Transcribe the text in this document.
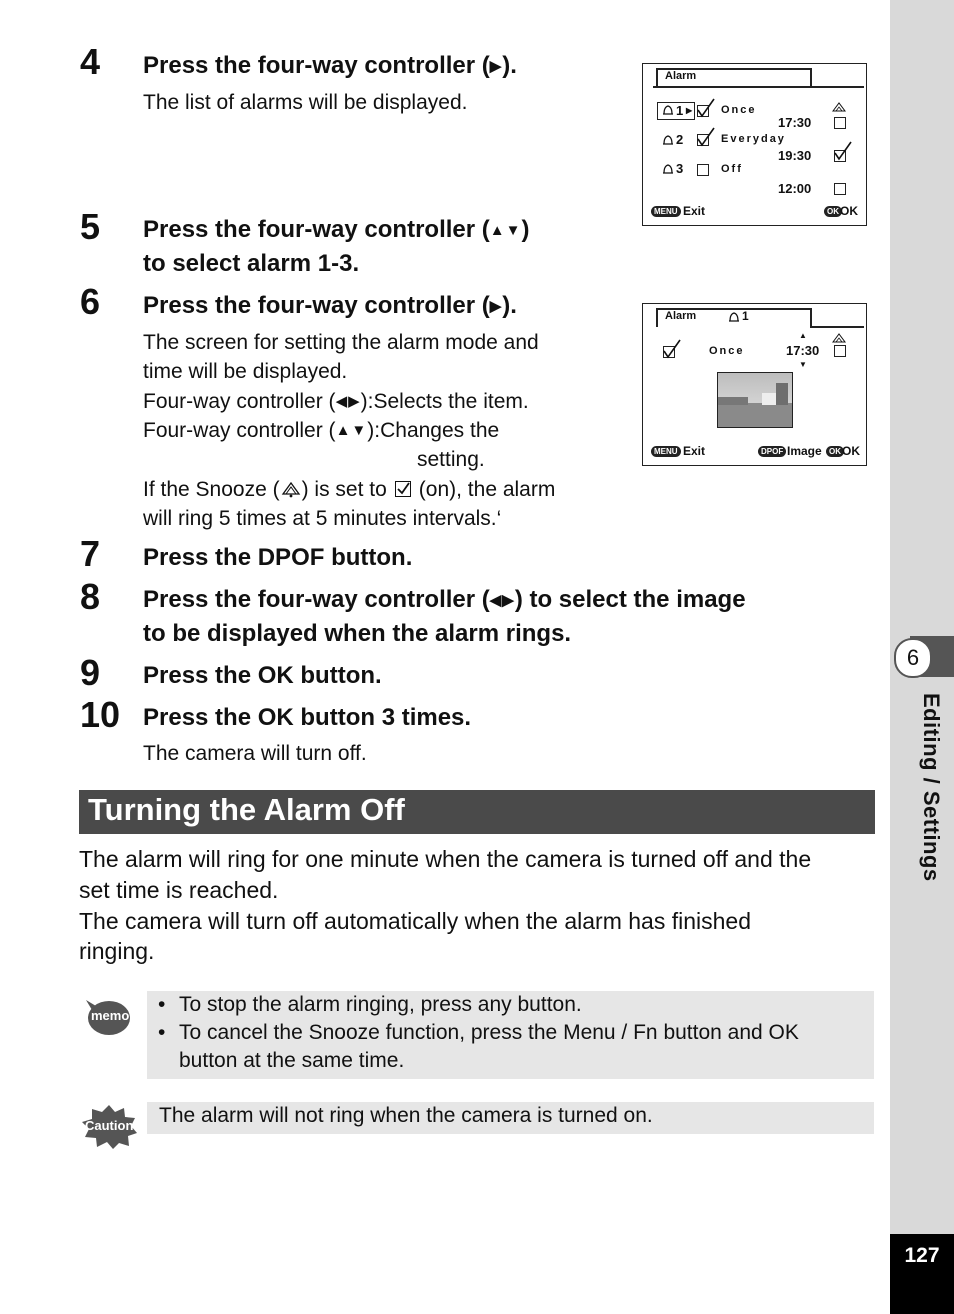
6
Editing / Settings
127
4 Press the four-way controller (▶).
The list of alarms will be displayed.
5 Press the four-way controller (▲▼)
to select alarm 1-3.
6 Press the four-way controller (▶).
The screen for setting the alarm mode and
time will be displayed.
Four-way controller (◀▶):Selects the item.
Four-way controller (▲▼):Changes the
setting.
If the Snooze ( ) is set to (on), the alarm
will ring 5 times at 5 minutes intervals.‘
7 Press the DPOF button.
8 Press the four-way controller (◀▶) to select the image
to be displayed when the alarm rings.
9 Press the OK button.
10 Press the OK button 3 times.
The camera will turn off.
Alarm
1 ▶	Once
17:30
2	Everyday
19:30
3	Off
12:00
MENU Exit	OK OK
Alarm	1
Once
▲
17:30
▼
MENU Exit	DPOF Image OK OK
Turning the Alarm Off
The alarm will ring for one minute when the camera is turned off and the
set time is reached.
The camera will turn off automatically when the alarm has finished
ringing.
memo • To stop the alarm ringing, press any button.
• To cancel the Snooze function, press the Menu / Fn button and OK
button at the same time.
Caution	The alarm will not ring when the camera is turned on.
